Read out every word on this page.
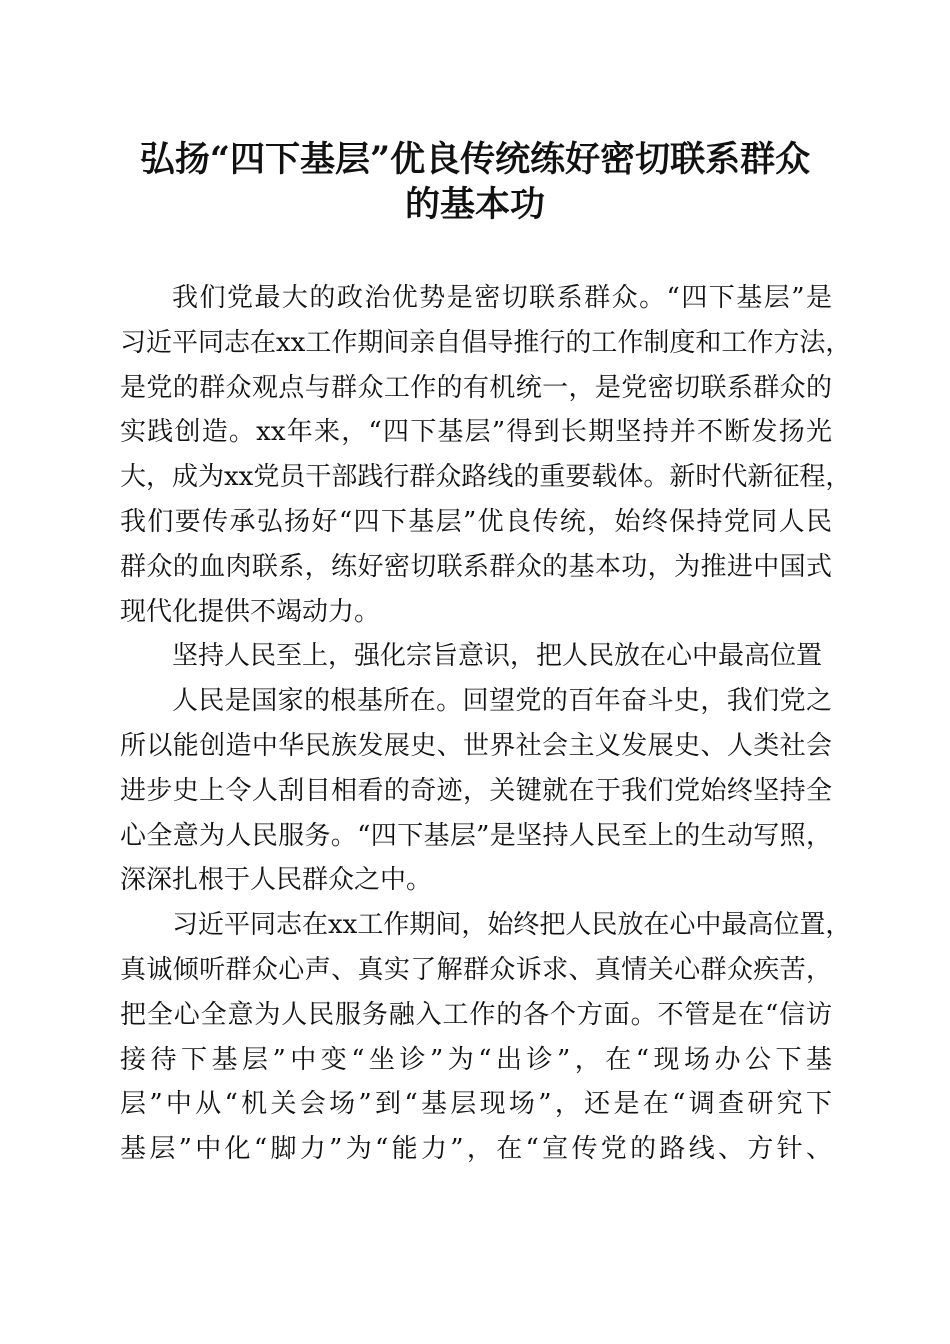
弘扬“四下基层”优良传统练好密切联系群众
的基本功
我们党最大的政治优势是密切联系群众。“四下基层”是
习近平同志在xx工作期间亲自倡导推行的工作制度和工作方法，
是党的群众观点与群众工作的有机统一，是党密切联系群众的
实践创造。xx年来，“四下基层”得到长期坚持并不断发扬光
大，成为xx党员干部践行群众路线的重要载体。新时代新征程，
我们要传承弘扬好“四下基层”优良传统，始终保持党同人民
群众的血肉联系，练好密切联系群众的基本功，为推进中国式
现代化提供不竭动力。
坚持人民至上，强化宗旨意识，把人民放在心中最高位置
人民是国家的根基所在。回望党的百年奋斗史，我们党之
所以能创造中华民族发展史、世界社会主义发展史、人类社会
进步史上令人刮目相看的奇迹，关键就在于我们党始终坚持全
心全意为人民服务。“四下基层”是坚持人民至上的生动写照，
深深扎根于人民群众之中。
习近平同志在xx工作期间，始终把人民放在心中最高位置，
真诚倾听群众心声、真实了解群众诉求、真情关心群众疾苦，
把全心全意为人民服务融入工作的各个方面。不管是在“信访
接待下基层”中变“坐诊”为“出诊”，在“现场办公下基
层”中从“机关会场”到“基层现场”，还是在“调查研究下
基层”中化“脚力”为“能力”，在“宣传党的路线、方针、
